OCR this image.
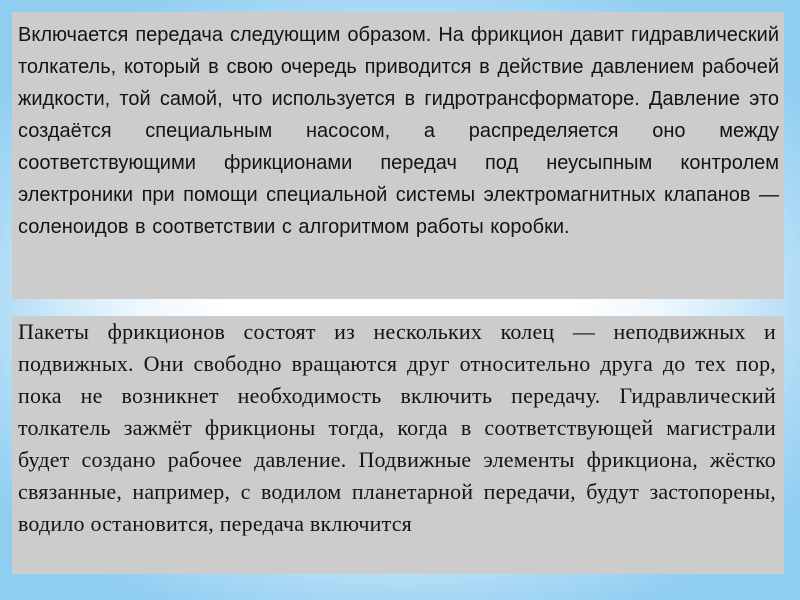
Включается передача следующим образом. На фрикцион давит гидравлический толкатель, который в свою очередь приводится в действие давлением рабочей жидкости, той самой, что используется в гидротрансформаторе. Давление это создаётся специальным насосом, а распределяется оно между соответствующими фрикционами передач под неусыпным контролем электроники при помощи специальной системы электромагнитных клапанов — соленоидов в соответствии с алгоритмом работы коробки.

Пакеты фрикционов состоят из нескольких колец — неподвижных и подвижных. Они свободно вращаются друг относительно друга до тех пор, пока не возникнет необходимость включить передачу. Гидравлический толкатель зажмёт фрикционы тогда, когда в соответствующей магистрали будет создано рабочее давление. Подвижные элементы фрикциона, жёстко связанные, например, с водилом планетарной передачи, будут застопорены, водило остановится, передача включится
